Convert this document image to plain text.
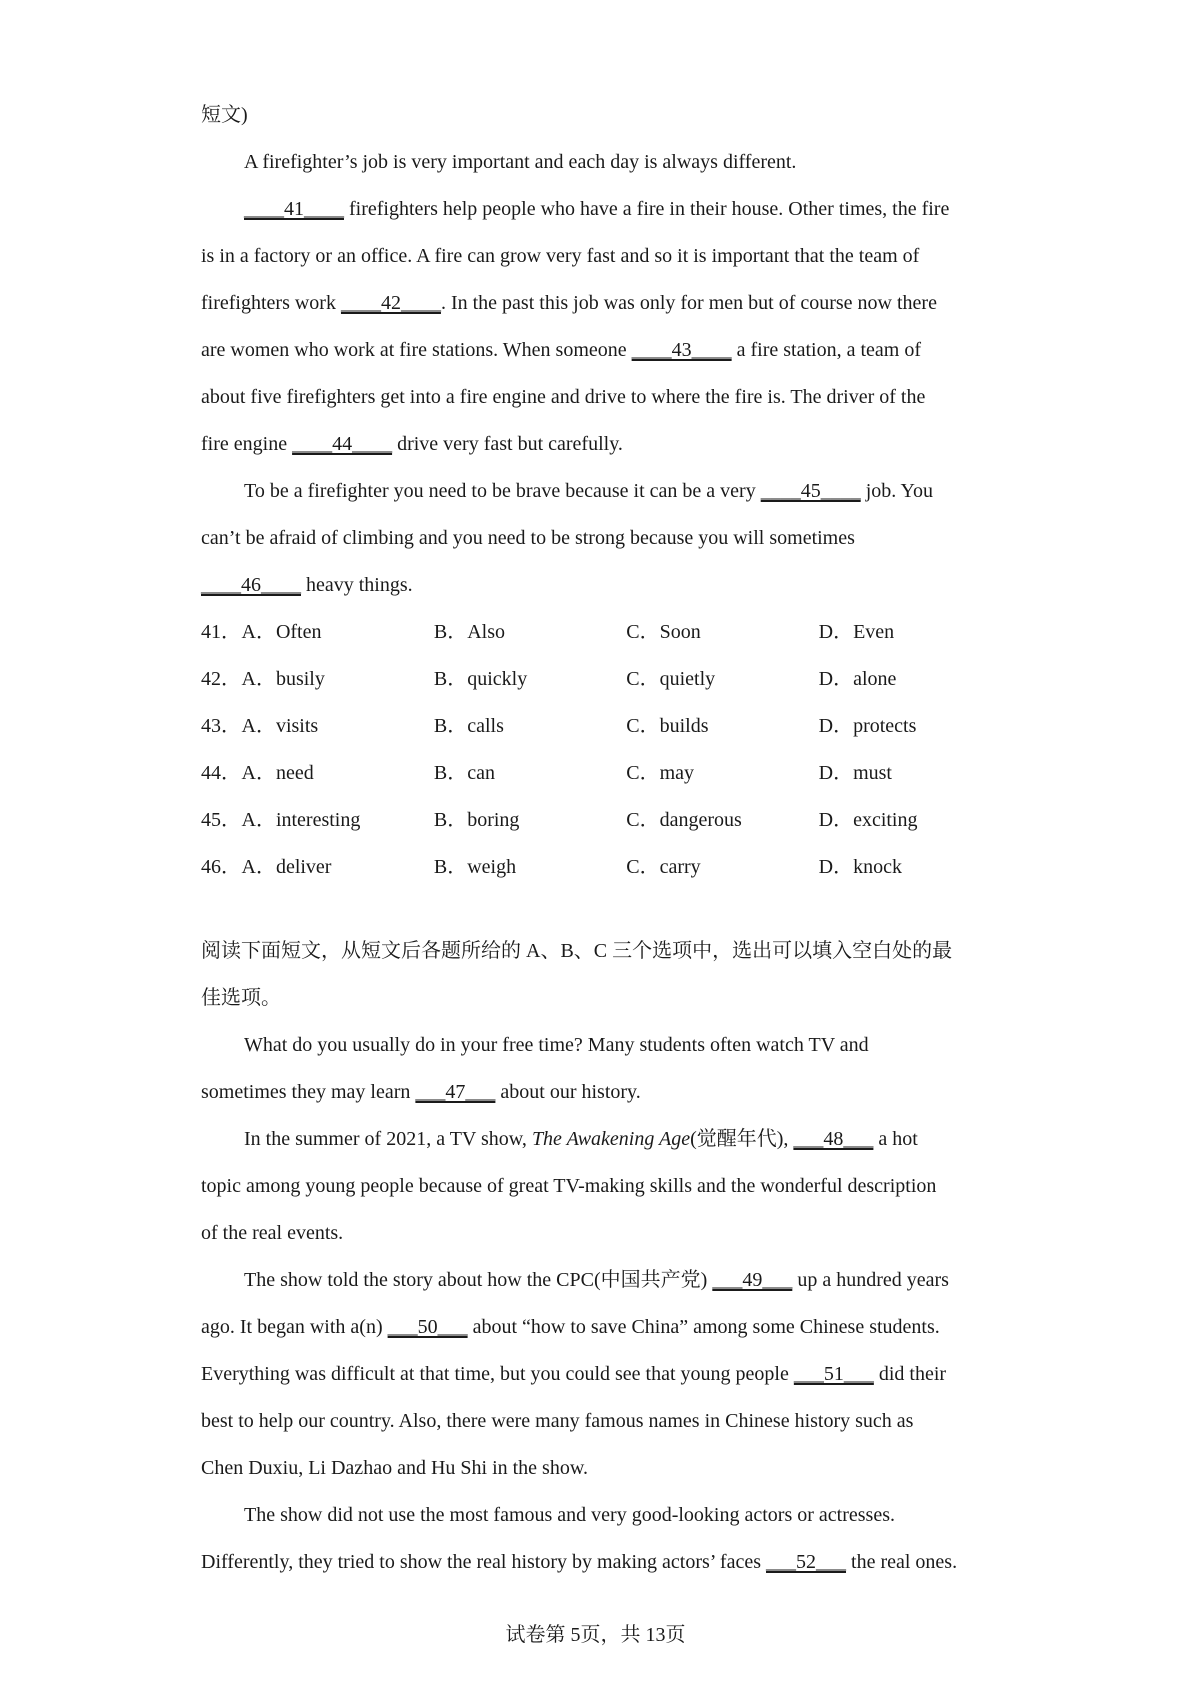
短文)
A firefighter’s job is very important and each day is always different.
____41____ firefighters help people who have a fire in their house. Other times, the fire
is in a factory or an office. A fire can grow very fast and so it is important that the team of
firefighters work ____42____. In the past this job was only for men but of course now there
are women who work at fire stations. When someone ____43____ a fire station, a team of
about five firefighters get into a fire engine and drive to where the fire is. The driver of the
fire engine ____44____ drive very fast but carefully.
To be a firefighter you need to be brave because it can be a very ____45____ job. You
can’t be afraid of climbing and you need to be strong because you will sometimes
____46____ heavy things.
41． A．Often	B．Also	C．Soon	D．Even
42． A．busily	B．quickly	C．quietly	D．alone
43． A．visits	B．calls	C．builds	D．protects
44． A．need	B．can	C．may	D．must
45． A．interesting	B．boring	C．dangerous	D．exciting
46． A．deliver	B．weigh	C．carry	D．knock
阅读下面短文，从短文后各题所给的 A、B、C 三个选项中，选出可以填入空白处的最
佳选项。
What do you usually do in your free time? Many students often watch TV and
sometimes they may learn ___47___ about our history.
In the summer of 2021, a TV show, The Awakening Age(觉醒年代), ___48___ a hot
topic among young people because of great TV-making skills and the wonderful description
of the real events.
The show told the story about how the CPC(中国共产党) ___49___ up a hundred years
ago. It began with a(n) ___50___ about “how to save China” among some Chinese students.
Everything was difficult at that time, but you could see that young people ___51___ did their
best to help our country. Also, there were many famous names in Chinese history such as
Chen Duxiu, Li Dazhao and Hu Shi in the show.
The show did not use the most famous and very good-looking actors or actresses.
Differently, they tried to show the real history by making actors’ faces ___52___ the real ones.
试卷第 5页，共 13页
